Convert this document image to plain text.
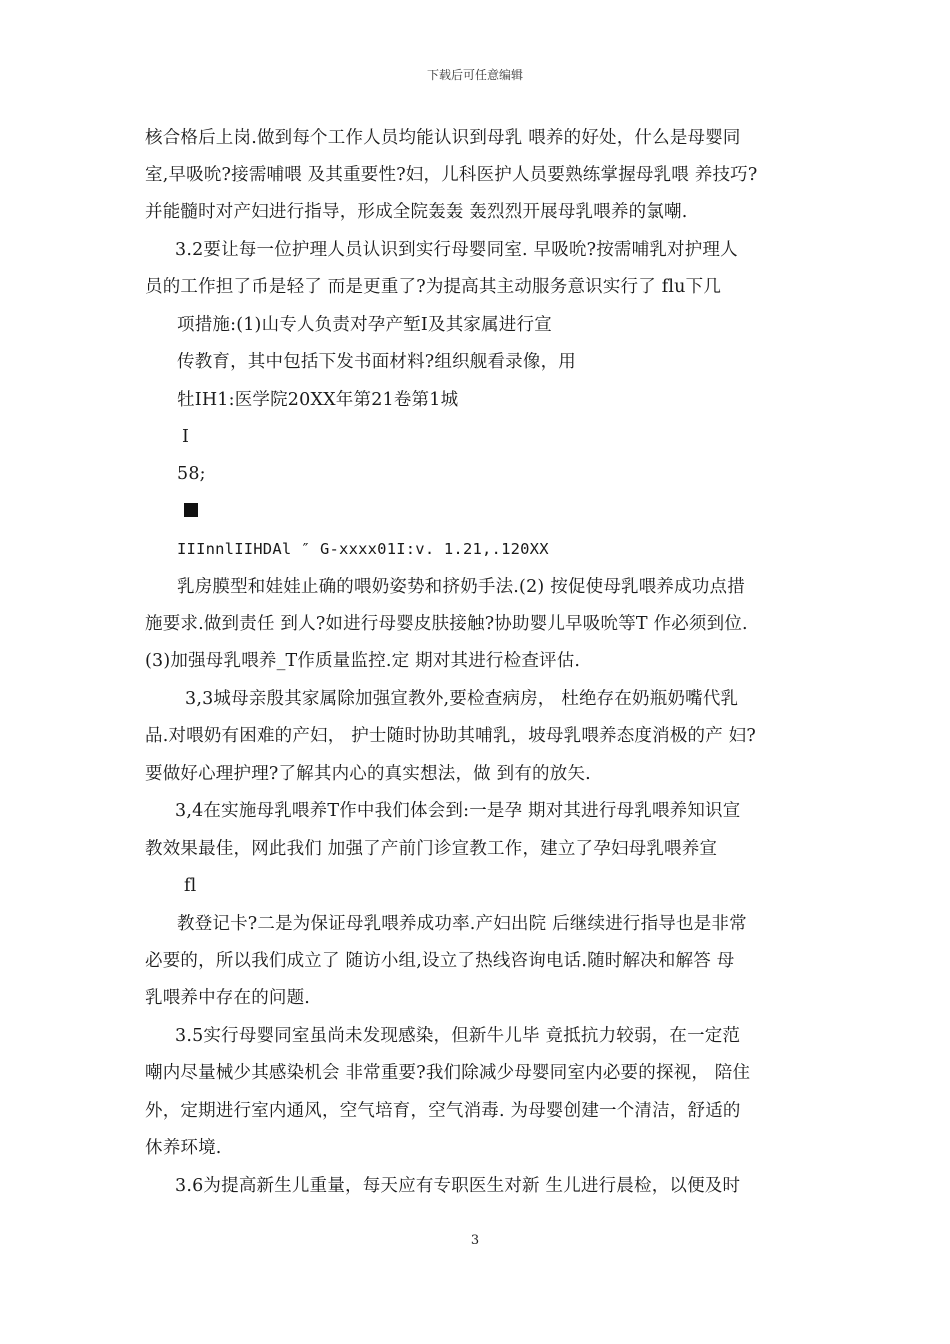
下载后可任意编辑
核合格后上岗.做到每个工作人员均能认识到母乳 喂养的好处，什么是母婴同
室,早吸吮?接需哺喂 及其重要性?妇，儿科医护人员要熟练掌握母乳喂 养技巧?
并能髓时对产妇进行指导，形成全院轰轰 轰烈烈开展母乳喂养的氯嘲.
3.2要让每一位护理人员认识到实行母婴同室. 早吸吮?按需哺乳对护理人
员的工作担了币是轻了 而是更重了?为提高其主动服务意识实行了 flu下几
项措施:(1)山专人负责对孕产堑I及其家属进行宣
传教育，其中包括下发书面材料?组织舰看录像，用
牡IH1:医学院20XX年第21卷第1城
I
58;
IIInnlIIHDAl ″ G-xxxx01I:v. 1.21,.120XX
乳房膜型和娃娃止确的喂奶姿势和挤奶手法.(2) 按促使母乳喂养成功点措
施要求.做到责任 到人?如进行母婴皮肤接触?协助婴儿早吸吮等T 作必须到位.
(3)加强母乳喂养_T作质量监控.定 期对其进行检查评估.
3,3城母亲殷其家属除加强宣教外,要检查病房， 杜绝存在奶瓶奶嘴代乳
品.对喂奶有困难的产妇， 护士随时协助其哺乳，坡母乳喂养态度消极的产 妇?
要做好心理护理?了解其内心的真实想法，做 到有的放矢.
3,4在实施母乳喂养T作中我们体会到:一是孕 期对其进行母乳喂养知识宣
教效果最佳，网此我们 加强了产前门诊宣教工作，建立了孕妇母乳喂养宣
fl
教登记卡?二是为保证母乳喂养成功率.产妇出院 后继续进行指导也是非常
必要的，所以我们成立了 随访小组,设立了热线咨询电话.随时解决和解答 母
乳喂养中存在的问题.
3.5实行母婴同室虽尚未发现感染，但新牛儿毕 竟抵抗力较弱，在一定范
嘲内尽量械少其感染机会 非常重要?我们除减少母婴同室内必要的探视， 陪住
外，定期进行室内通风，空气培育，空气消毒. 为母婴创建一个清洁，舒适的
休养环境.
3.6为提高新生儿重量，每天应有专职医生对新 生儿进行晨检，以便及时
3
